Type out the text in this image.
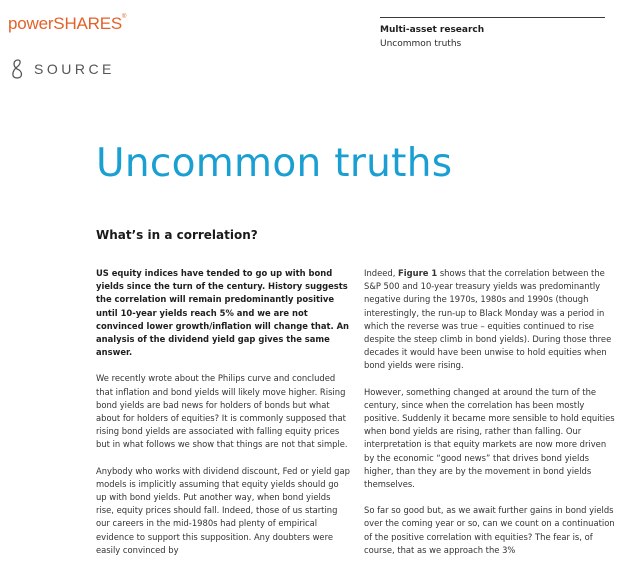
powerSHARES®
SOURCE
Multi-asset research
Uncommon truths
Uncommon truths
What’s in a correlation?

US equity indices have tended to go up with bond yields since the turn of the century. History suggests the correlation will remain predominantly positive until 10-year yields reach 5% and we are not convinced lower growth/inflation will change that. An analysis of the dividend yield gap gives the same answer.

We recently wrote about the Philips curve and concluded that inflation and bond yields will likely move higher. Rising bond yields are bad news for holders of bonds but what about for holders of equities? It is commonly supposed that rising bond yields are associated with falling equity prices but in what follows we show that things are not that simple.

Anybody who works with dividend discount, Fed or yield gap models is implicitly assuming that equity yields should go up with bond yields. Put another way, when bond yields rise, equity prices should fall. Indeed, those of us starting our careers in the mid-1980s had plenty of empirical evidence to support this supposition. Any doubters were easily convinced by

Indeed, Figure 1 shows that the correlation between the S&P 500 and 10-year treasury yields was predominantly negative during the 1970s, 1980s and 1990s (though interestingly, the run-up to Black Monday was a period in which the reverse was true – equities continued to rise despite the steep climb in bond yields). During those three decades it would have been unwise to hold equities when bond yields were rising.

However, something changed at around the turn of the century, since when the correlation has been mostly positive. Suddenly it became more sensible to hold equities when bond yields are rising, rather than falling. Our interpretation is that equity markets are now more driven by the economic “good news” that drives bond yields higher, than they are by the movement in bond yields themselves.

So far so good but, as we await further gains in bond yields over the coming year or so, can we count on a continuation of the positive correlation with equities? The fear is, of course, that as we approach the 3%
